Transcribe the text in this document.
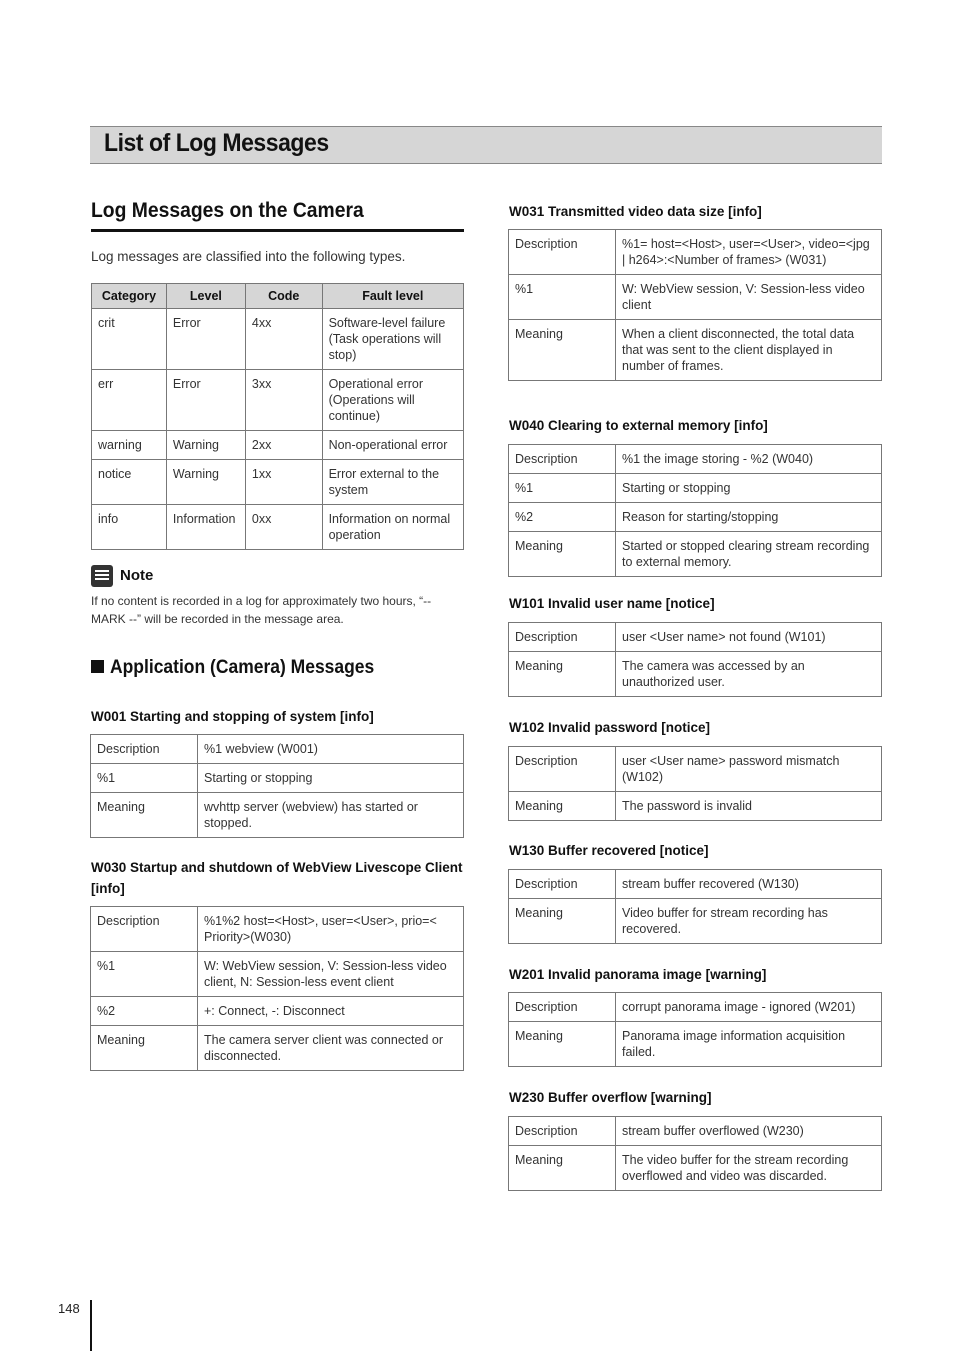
List of Log Messages
Log Messages on the Camera
Log messages are classified into the following types.
Category	Level	Code	Fault level
crit	Error	4xx	Software-level failure (Task operations will stop)
err	Error	3xx	Operational error (Operations will continue)
warning	Warning	2xx	Non-operational error
notice	Warning	1xx	Error external to the system
info	Information	0xx	Information on normal operation
Note
If no content is recorded in a log for approximately two hours, “-- MARK --” will be recorded in the message area.
Application (Camera) Messages
W001 Starting and stopping of system [info]
Description	%1 webview (W001)
%1	Starting or stopping
Meaning	wvhttp server (webview) has started or stopped.
W030 Startup and shutdown of WebView Livescope Client [info]
Description	%1%2 host=<Host>, user=<User>, prio=< Priority>(W030)
%1	W: WebView session, V: Session-less video client, N: Session-less event client
%2	+: Connect, -: Disconnect
Meaning	The camera server client was connected or disconnected.
W031 Transmitted video data size [info]
Description	%1= host=<Host>, user=<User>, video=<jpg | h264>:<Number of frames> (W031)
%1	W: WebView session, V: Session-less video client
Meaning	When a client disconnected, the total data that was sent to the client displayed in number of frames.
W040 Clearing to external memory [info]
Description	%1 the image storing - %2 (W040)
%1	Starting or stopping
%2	Reason for starting/stopping
Meaning	Started or stopped clearing stream recording to external memory.
W101 Invalid user name [notice]
Description	user <User name> not found (W101)
Meaning	The camera was accessed by an unauthorized user.
W102 Invalid password [notice]
Description	user <User name> password mismatch (W102)
Meaning	The password is invalid
W130 Buffer recovered [notice]
Description	stream buffer recovered (W130)
Meaning	Video buffer for stream recording has recovered.
W201 Invalid panorama image [warning]
Description	corrupt panorama image - ignored (W201)
Meaning	Panorama image information acquisition failed.
W230 Buffer overflow [warning]
Description	stream buffer overflowed (W230)
Meaning	The video buffer for the stream recording overflowed and video was discarded.
148
